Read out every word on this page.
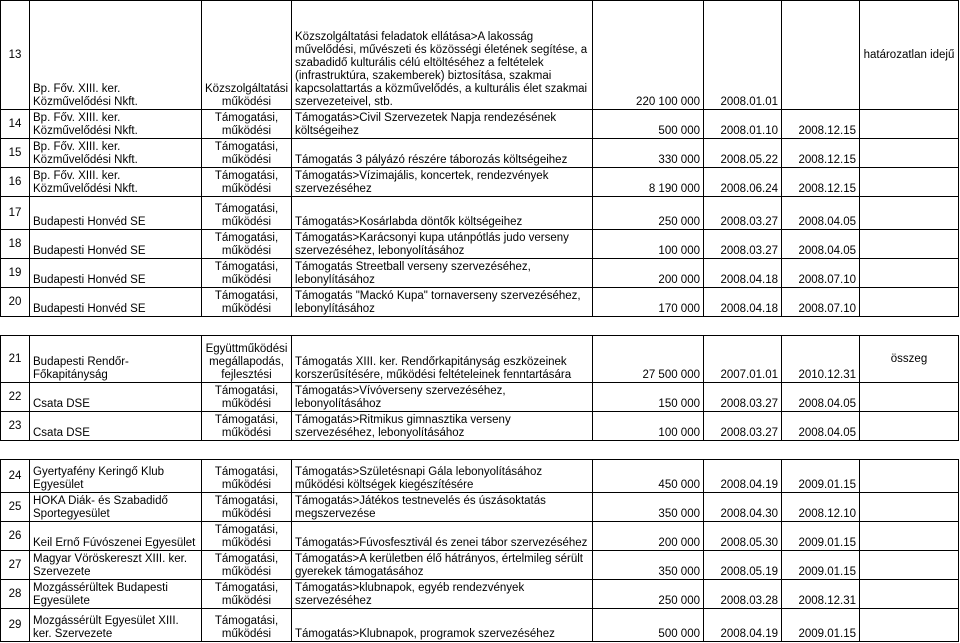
13	Bp. Főv. XIII. ker. Közművelődési Nkft.	Közszolgáltatási működési	Közszolgáltatási feladatok ellátása>A lakosság művelődési, művészeti és közösségi életének segítése, a szabadidő kulturális célú eltöltéséhez a feltételek (infrastruktúra, szakemberek) biztosítása, szakmai kapcsolattartás a közművelődés, a kulturális élet szakmai szervezeteivel, stb.	220 100 000	2008.01.01		határozatlan idejű
14	Bp. Főv. XIII. ker. Közművelődési Nkft.	Támogatási, működési	Támogatás>Civil Szervezetek Napja rendezésének költségeihez	500 000	2008.01.10	2008.12.15	
15	Bp. Főv. XIII. ker. Közművelődési Nkft.	Támogatási, működési	Támogatás 3 pályázó részére táborozás költségeihez	330 000	2008.05.22	2008.12.15	
16	Bp. Főv. XIII. ker. Közművelődési Nkft.	Támogatási, működési	Támogatás>Vízimajális, koncertek, rendezvények szervezéséhez	8 190 000	2008.06.24	2008.12.15	
17	Budapesti Honvéd SE	Támogatási, működési	Támogatás>Kosárlabda döntők költségeihez	250 000	2008.03.27	2008.04.05	
18	Budapesti Honvéd SE	Támogatási, működési	Támogatás>Karácsonyi kupa utánpótlás judo verseny szervezéséhez, lebonyolításához	100 000	2008.03.27	2008.04.05	
19	Budapesti Honvéd SE	Támogatási, működési	Támogatás Streetball verseny szervezéséhez, lebonylításához	200 000	2008.04.18	2008.07.10	
20	Budapesti Honvéd SE	Támogatási, működési	Támogatás "Mackó Kupa" tornaverseny szervezéséhez, lebonylításához	170 000	2008.04.18	2008.07.10	

21	Budapesti Rendőr-Főkapitányság	Együttműködési megállapodás, fejlesztési	Támogatás XIII. ker. Rendőrkapitányság eszközeinek korszerűsítésére, működési feltételeinek fenntartására	27 500 000	2007.01.01	2010.12.31	összeg
22	Csata DSE	Támogatási, működési	Támogatás>Vívóverseny szervezéséhez, lebonyolításához	150 000	2008.03.27	2008.04.05	
23	Csata DSE	Támogatási, működési	Támogatás>Ritmikus gimnasztika verseny szervezéséhez, lebonyolításához	100 000	2008.03.27	2008.04.05	

24	Gyertyafény Keringő Klub Egyesület	Támogatási, működési	Támogatás>Születésnapi Gála lebonyolításához működési költségek kiegészítésére	450 000	2008.04.19	2009.01.15	
25	HOKA Diák- és Szabadidő Sportegyesület	Támogatási, működési	Támogatás>Játékos testnevelés és úszásoktatás megszervezése	350 000	2008.04.30	2008.12.10	
26	Keil Ernő Fúvószenei Egyesület	Támogatási, működési	Támogatás>Fúvosfesztivál és zenei tábor szervezéséhez	200 000	2008.05.30	2009.01.15	
27	Magyar Vöröskereszt XIII. ker. Szervezete	Támogatási, működési	Támogatás>A kerületben élő hátrányos, értelmileg sérült gyerekek támogatásához	350 000	2008.05.19	2009.01.15	
28	Mozgássérültek Budapesti Egyesülete	Támogatási, működési	Támogatás>klubnapok, egyéb rendezvények szervezéséhez	250 000	2008.03.28	2008.12.31	
29	Mozgássérült Egyesület XIII. ker. Szervezete	Támogatási, működési	Támogatás>Klubnapok, programok szervezéséhez	500 000	2008.04.19	2009.01.15	
